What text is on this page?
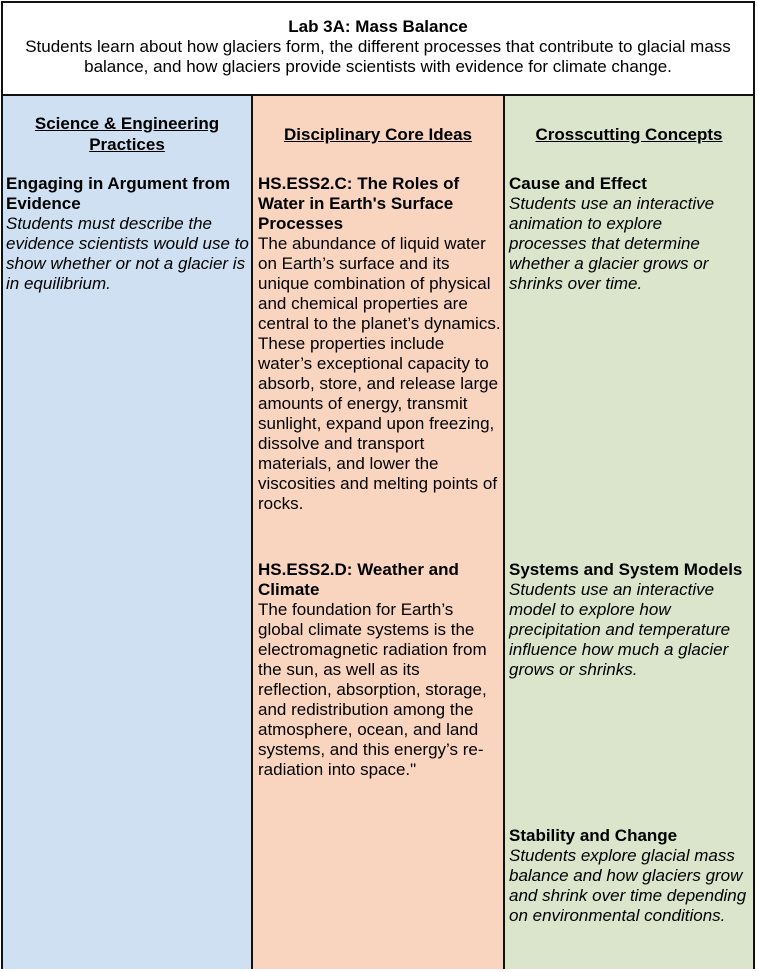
Lab 3A: Mass Balance
Students learn about how glaciers form, the different processes that contribute to glacial mass balance, and how glaciers provide scientists with evidence for climate change.
Science & Engineering Practices
Engaging in Argument from Evidence
Students must describe the evidence scientists would use to show whether or not a glacier is in equilibrium.
Disciplinary Core Ideas
HS.ESS2.C: The Roles of Water in Earth's Surface Processes
The abundance of liquid water on Earth’s surface and its unique combination of physical and chemical properties are central to the planet’s dynamics. These properties include water’s exceptional capacity to absorb, store, and release large amounts of energy, transmit sunlight, expand upon freezing, dissolve and transport materials, and lower the viscosities and melting points of rocks.
HS.ESS2.D: Weather and Climate
The foundation for Earth’s global climate systems is the electromagnetic radiation from the sun, as well as its reflection, absorption, storage, and redistribution among the atmosphere, ocean, and land systems, and this energy’s re-radiation into space."
Crosscutting Concepts
Cause and Effect
Students use an interactive animation to explore processes that determine whether a glacier grows or shrinks over time.
Systems and System Models
Students use an interactive model to explore how precipitation and temperature influence how much a glacier grows or shrinks.
Stability and Change
Students explore glacial mass balance and how glaciers grow and shrink over time depending on environmental conditions.
